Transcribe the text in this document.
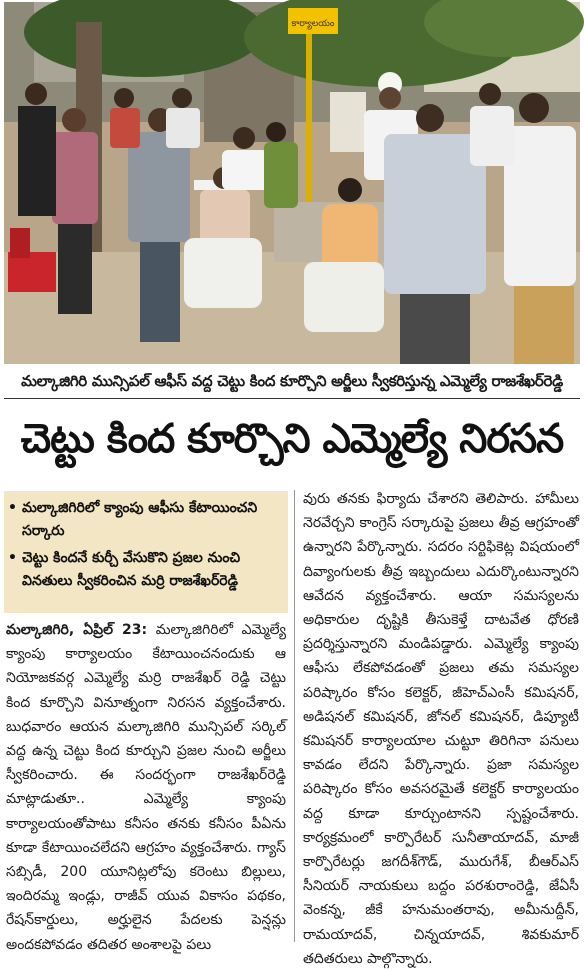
కార్యాలయం
మల్కాజిగిరి మున్సిపల్ ఆఫీస్ వద్ద చెట్టు కింద కూర్చొని అర్జీలు స్వీకరిస్తున్న ఎమ్మెల్యే రాజశేఖర్‌రెడ్డి
చెట్టు కింద కూర్చొని ఎమ్మెల్యే నిరసన
• మల్కాజిగిరిలో క్యాంపు ఆఫీసు కేటాయించని సర్కారు
• చెట్టు కిందనే కుర్చీ వేసుకొని ప్రజల నుంచి వినతులు స్వీకరించిన మర్రి రాజశేఖర్‌రెడ్డి
మల్కాజిగిరి, ఏప్రిల్ 23: మల్కాజిగిరిలో ఎమ్మెల్యే క్యాంపు కార్యాలయం కేటాయించనందుకు ఆ నియోజకవర్గ ఎమ్మెల్యే మర్రి రాజశేఖర్ రెడ్డి చెట్టు కింద కూర్చొని వినూత్నంగా నిరసన వ్యక్తంచేశారు. బుధవారం ఆయన మల్కాజిగిరి మున్సిపల్ సర్కిల్ వద్ద ఉన్న చెట్టు కింద కూర్చుని ప్రజల నుంచి అర్జీలు స్వీకరించారు. ఈ సందర్భంగా రాజశేఖర్‌రెడ్డి మాట్లాడుతూ.. ఎమ్మెల్యే క్యాంపు కార్యాలయంతోపాటు కనీసం తనకు కనీసం పీఏను కూడా కేటాయించలేదని ఆగ్రహం వ్యక్తంచేశారు. గ్యాస్ సబ్సిడీ, 200 యూనిట్లలోపు కరెంటు బిల్లులు, ఇందిరమ్మ ఇండ్లు, రాజీవ్ యువ వికాసం పథకం, రేషన్‌కార్డులు, అర్హులైన పేదలకు పెన్షన్లు అందకపోవడం తదితర అంశాలపై పలు
వురు తనకు ఫిర్యాదు చేశారని తెలిపారు. హామీలు నెరవేర్చని కాంగ్రెస్ సర్కారుపై ప్రజలు తీవ్ర ఆగ్రహంతో ఉన్నారని పేర్కొన్నారు. సదరం సర్టిఫికెట్ల విషయంలో దివ్యాంగులకు తీవ్ర ఇబ్బందులు ఎదుర్కొంటున్నారని ఆవేదన వ్యక్తంచేశారు. ఆయా సమస్యలను అధికారుల దృష్టికి తీసుకెళ్తే దాటవేత ధోరణి ప్రదర్శిస్తున్నారని మండిపడ్డారు. ఎమ్మెల్యే క్యాంపు ఆఫీసు లేకపోవడంతో ప్రజలు తమ సమస్యల పరిష్కారం కోసం కలెక్టర్, జీహెచ్ఎంసీ కమిషనర్, అడిషనల్ కమిషనర్, జోనల్ కమిషనర్, డిప్యూటీ కమిషనర్ కార్యాలయాల చుట్టూ తిరిగినా పనులు కావడం లేదని పేర్కొన్నారు. ప్రజా సమస్యల పరిష్కారం కోసం అవసరమైతే కలెక్టర్ కార్యాలయం వద్ద కూడా కూర్చుంటానని స్పష్టంచేశారు. కార్యక్రమంలో కార్పొరేటర్ సునీతాయాదవ్, మాజీ కార్పొరేటర్లు జగదీశ్‌గౌడ్, మురుగేశ్, బీఆర్ఎస్ సీనియర్ నాయకులు బద్దం పరశురాంరెడ్డి, జేఏసీ వెంకన్న, జీకే హనుమంతరావు, అమీనుద్దీన్, రామయాదవ్, చిన్నయాదవ్, శివకుమార్ తదితరులు పాల్గొన్నారు.
